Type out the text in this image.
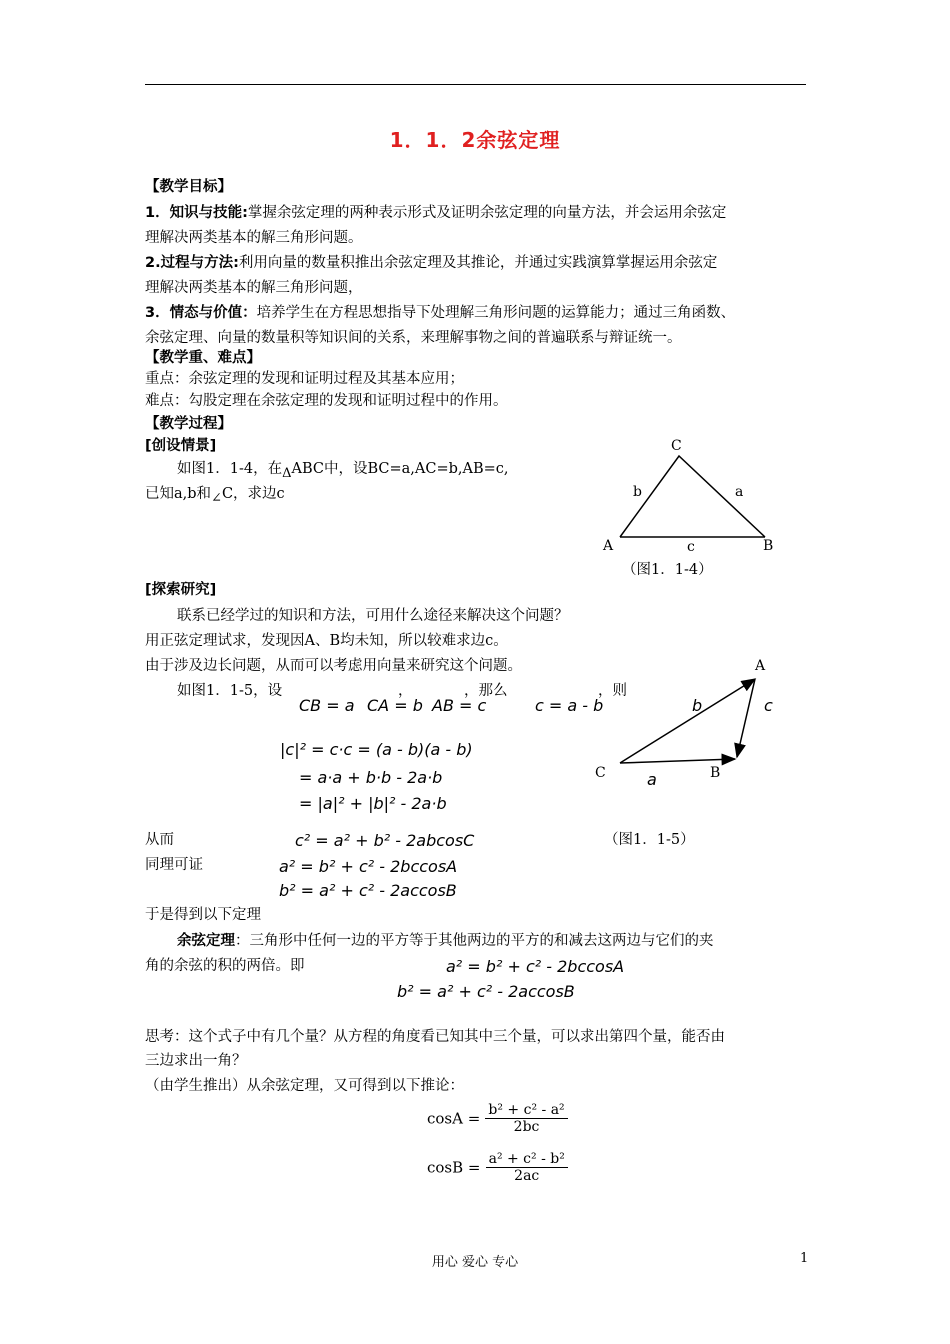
1．1．2余弦定理
【教学目标】
1．知识与技能:掌握余弦定理的两种表示形式及证明余弦定理的向量方法，并会运用余弦定
理解决两类基本的解三角形问题。
2.过程与方法:利用向量的数量积推出余弦定理及其推论，并通过实践演算掌握运用余弦定
理解决两类基本的解三角形问题，
3．情态与价值：培养学生在方程思想指导下处理解三角形问题的运算能力；通过三角函数、
余弦定理、向量的数量积等知识间的关系，来理解事物之间的普遍联系与辩证统一。
【教学重、难点】
重点：余弦定理的发现和证明过程及其基本应用；
难点：勾股定理在余弦定理的发现和证明过程中的作用。
【教学过程】
[创设情景]
如图1．1-4，在$_\Delta$ABC中，设BC=a,AC=b,AB=c,
已知a,b和$_\angle$C，求边c
C
A	B
b	a
c
（图1．1-4）
[探索研究]
联系已经学过的知识和方法，可用什么途径来解决这个问题？
用正弦定理试求，发现因A、B均未知，所以较难求边c。
由于涉及边长问题，从而可以考虑用向量来研究这个问题。
如图1．1-5，设	，	，那么	，则
CB = a CA = b AB = c	c = a - b
|c|² = c·c = (a - b)(a - b)
= a·a + b·b - 2a·b
= |a|² + |b|² - 2a·b
A
C	B
b	c
a
（图1．1-5）
从而	c² = a² + b² - 2abcosC
同理可证	a² = b² + c² - 2bccosA
b² = a² + c² - 2accosB
于是得到以下定理
余弦定理：三角形中任何一边的平方等于其他两边的平方的和减去这两边与它们的夹
角的余弦的积的两倍。即	a² = b² + c² - 2bccosA
b² = a² + c² - 2accosB
思考：这个式子中有几个量？从方程的角度看已知其中三个量，可以求出第四个量，能否由
三边求出一角？
（由学生推出）从余弦定理，又可得到以下推论：
$\cos A = \frac{\text{b² + c² - a²}}{2bc}$
$\cos B = \frac{\text{a² + c² - b²}}{2ac}$
用心 爱心 专心	1
